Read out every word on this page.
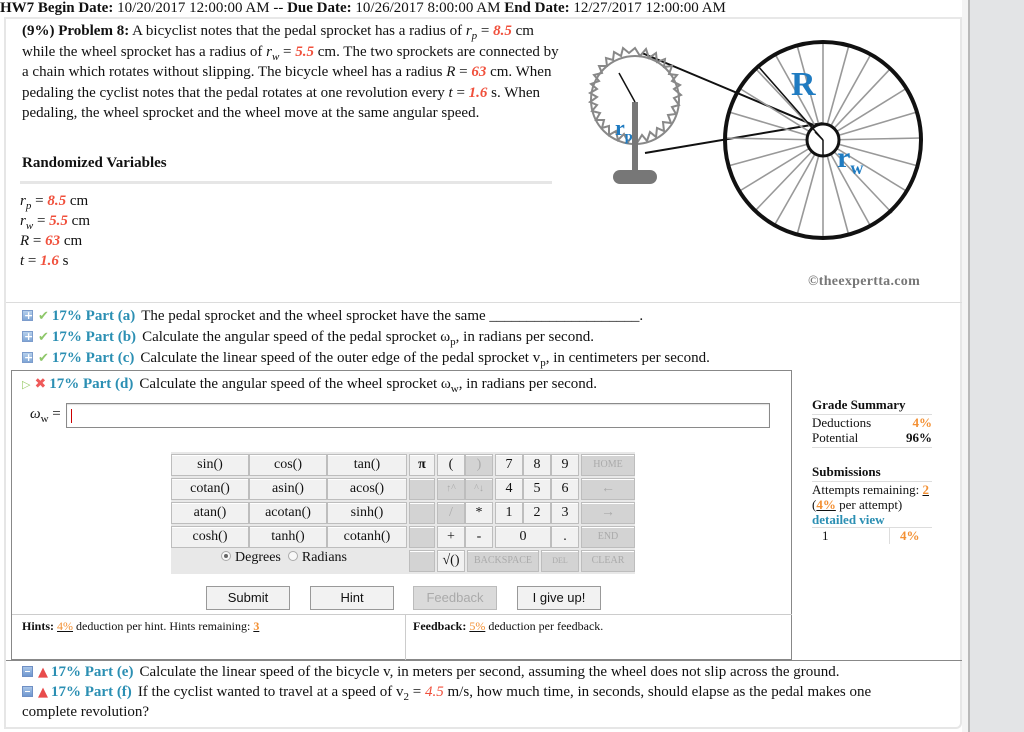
HW7 Begin Date: 10/20/2017 12:00:00 AM -- Due Date: 10/26/2017 8:00:00 AM End Date: 12/27/2017 12:00:00 AM
(9%) Problem 8: A bicyclist notes that the pedal sprocket has a radius of $r_p = 8.5$ cm while the wheel sprocket has a radius of $r_w = 5.5$ cm. The two sprockets are connected by a chain which rotates without slipping. The bicycle wheel has a radius R = 63 cm. When pedaling the cyclist notes that the pedal rotates at one revolution every t = 1.6 s. When pedaling, the wheel sprocket and the wheel move at the same angular speed.
Randomized Variables
$r_p = 8.5$ cm
$r_w = 5.5$ cm
R = 63 cm
t = 1.6 s
R
$r_p$
$r_w$
©theexpertta.com
+✔ 17% Part (a) The pedal sprocket and the wheel sprocket have the same ____________________.
+✔ 17% Part (b) Calculate the angular speed of the pedal sprocket $\omega_p$, in radians per second.
+✔ 17% Part (c) Calculate the linear speed of the outer edge of the pedal sprocket $v_p$, in centimeters per second.
▷ ✖ 17% Part (d) Calculate the angular speed of the wheel sprocket $\omega_w$, in radians per second.
$\omega_w$ =
Grade Summary
Deductions	4%
Potential	96%
Submissions
Attempts remaining: 2
(4% per attempt)
detailed view
1	4%
sin()	cos()	tan()
cotan()	asin()	acos()
atan()	acotan()	sinh()
cosh()	tanh()	cotanh()
Degrees Radians
π	(	)
↑^	^↓
/	*
+	-
√()
7	8	9
4	5	6
1	2	3
0	.
BACKSPACE	DEL
HOME
←
→
END
CLEAR
Submit	Hint	Feedback	I give up!
Hints: 4% deduction per hint. Hints remaining: 3	Feedback: 5% deduction per feedback.
▲ 17% Part (e) Calculate the linear speed of the bicycle v, in meters per second, assuming the wheel does not slip across the ground.
▲ 17% Part (f) If the cyclist wanted to travel at a speed of $v_2 = 4.5$ m/s, how much time, in seconds, should elapse as the pedal makes one
complete revolution?
